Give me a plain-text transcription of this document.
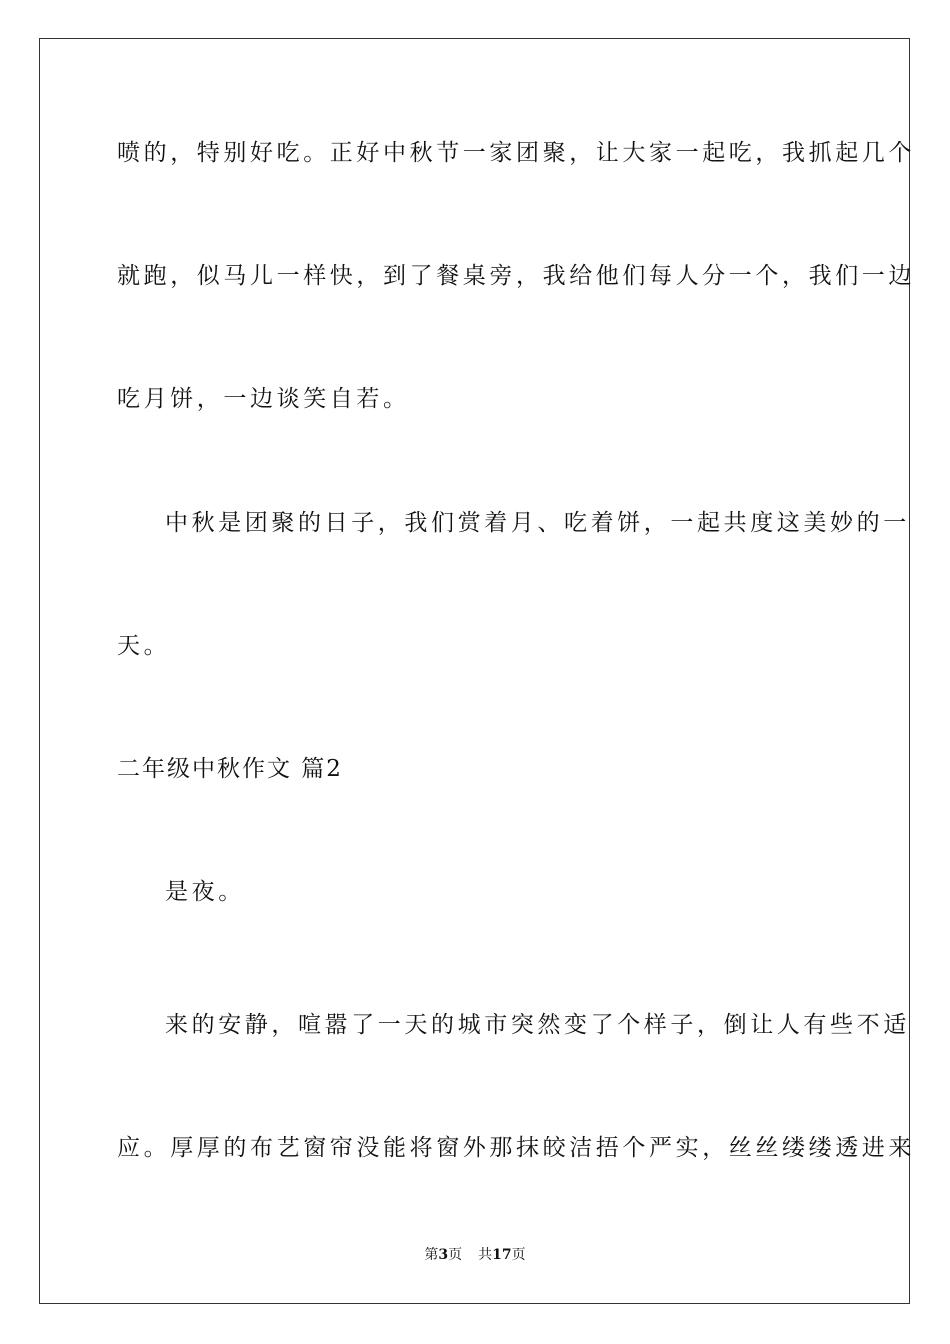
喷的，特别好吃。正好中秋节一家团聚，让大家一起吃，我抓起几个
就跑，似马儿一样快，到了餐桌旁，我给他们每人分一个，我们一边
吃月饼，一边谈笑自若。
中秋是团聚的日子，我们赏着月、吃着饼，一起共度这美妙的一
天。
二年级中秋作文 篇2
是夜。
来的安静，喧嚣了一天的城市突然变了个样子，倒让人有些不适
应。厚厚的布艺窗帘没能将窗外那抹皎洁捂个严实，丝丝缕缕透进来
第3页 共17页
